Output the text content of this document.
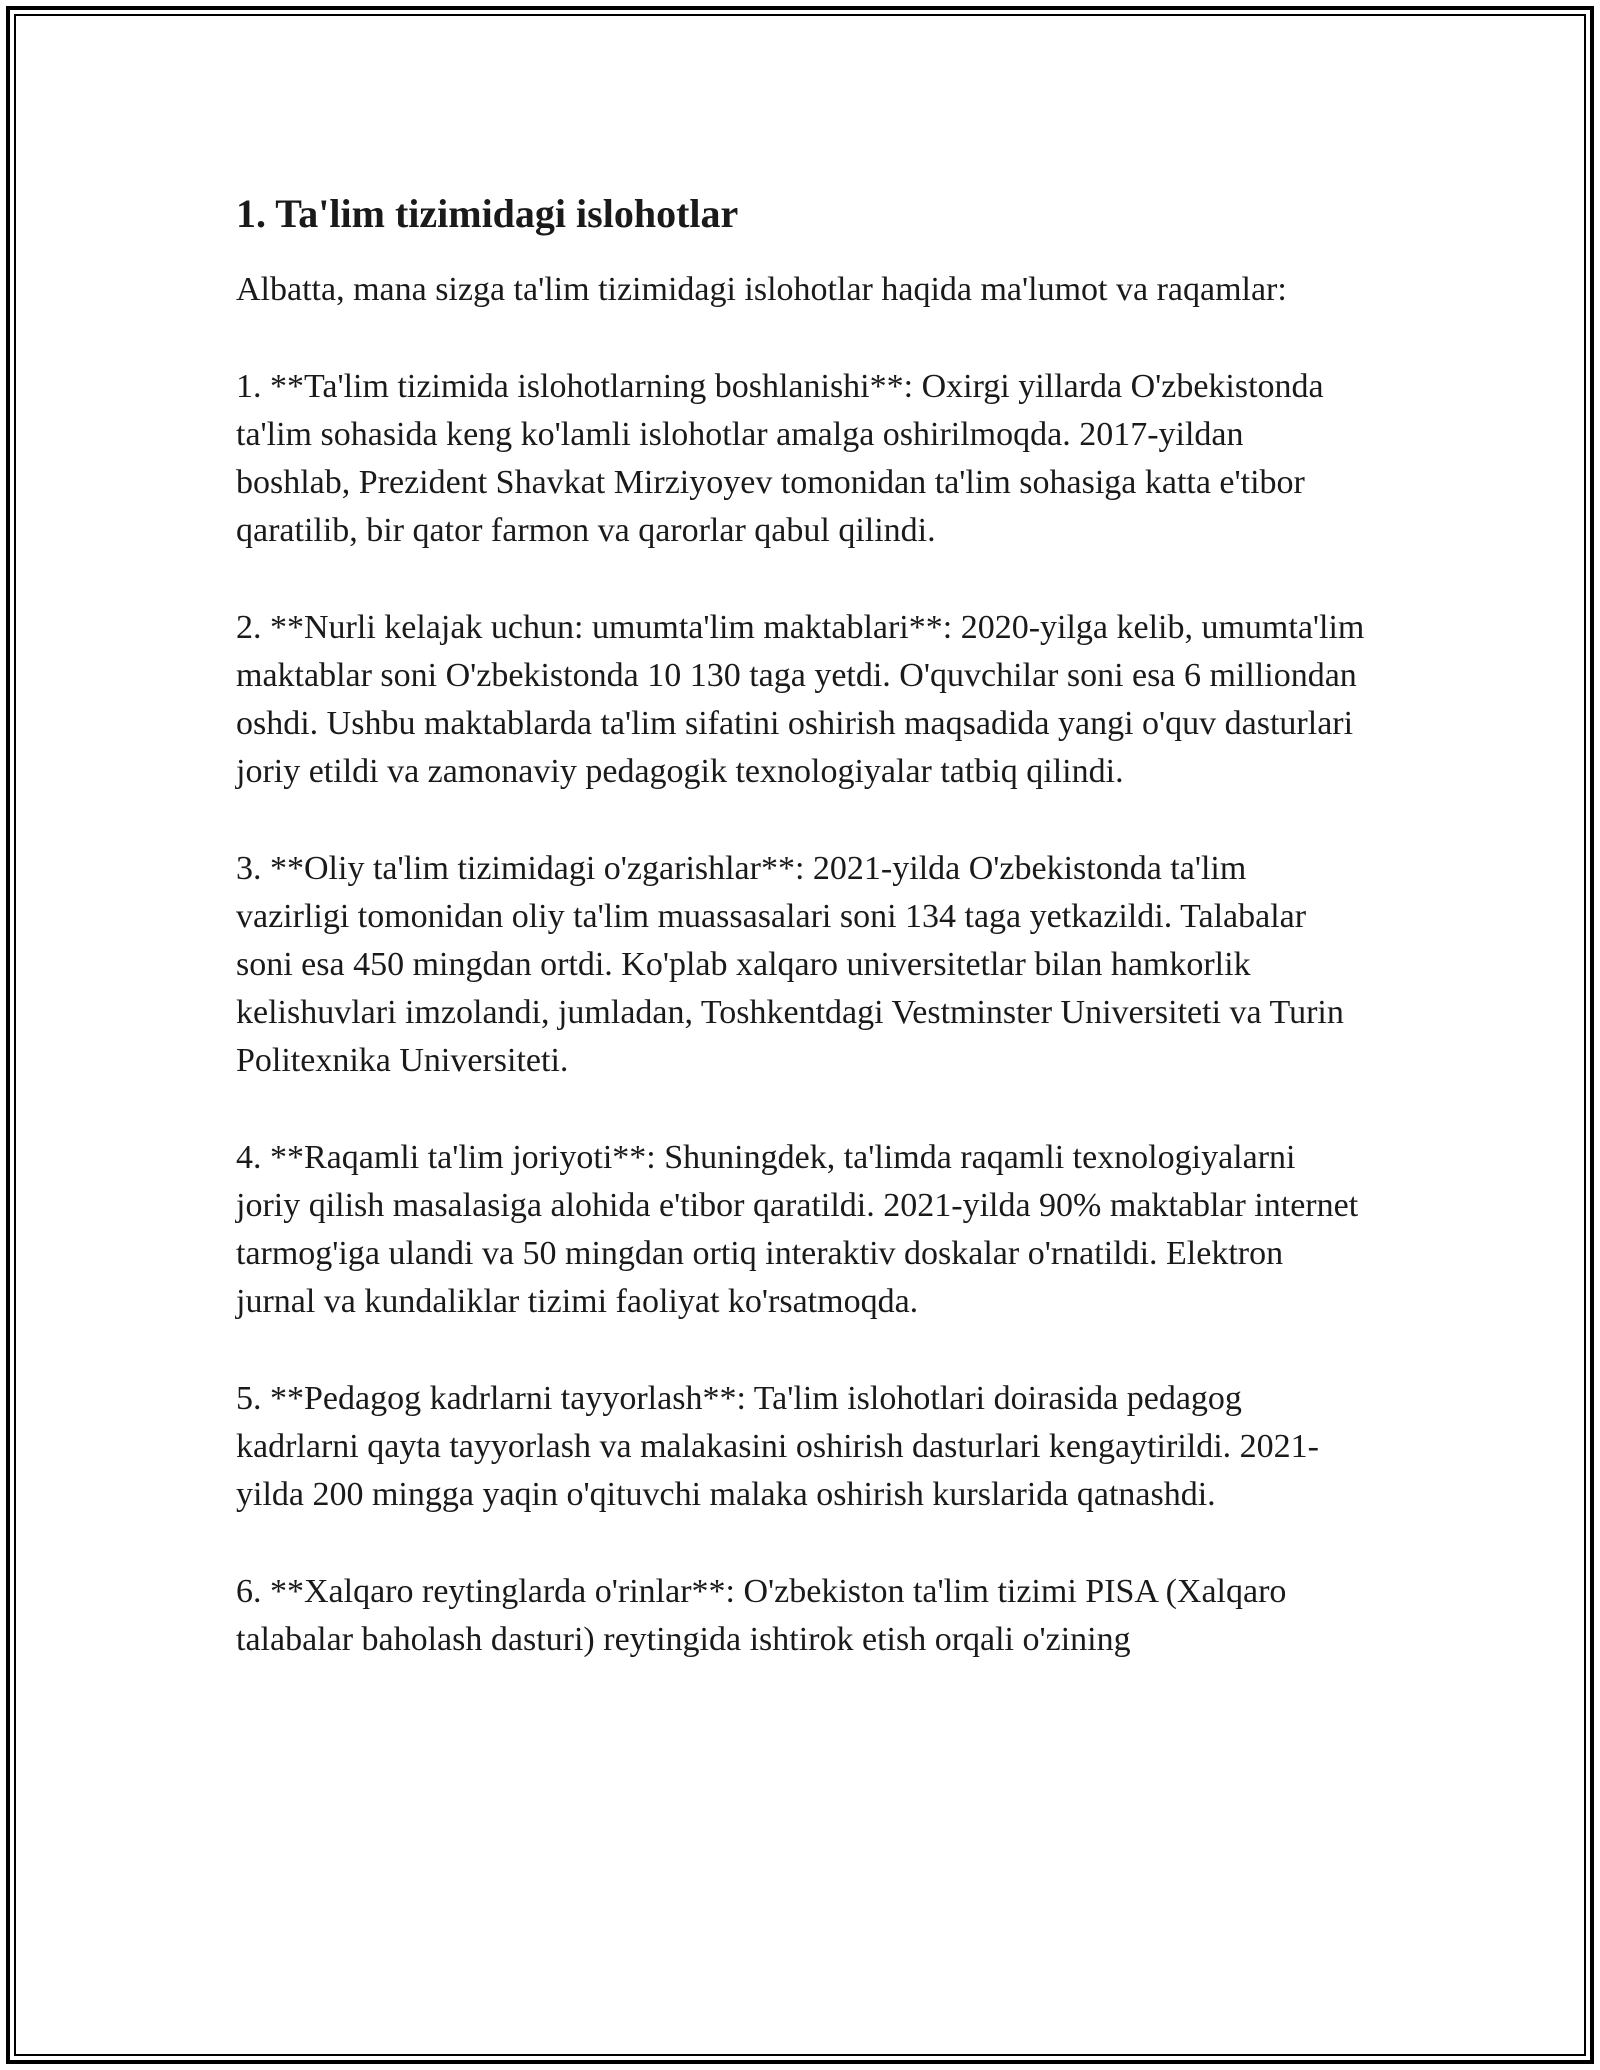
1. Ta'lim tizimidagi islohotlar

Albatta, mana sizga ta'lim tizimidagi islohotlar haqida ma'lumot va raqamlar:

1. **Ta'lim tizimida islohotlarning boshlanishi**: Oxirgi yillarda O'zbekistonda ta'lim sohasida keng ko'lamli islohotlar amalga oshirilmoqda. 2017-yildan boshlab, Prezident Shavkat Mirziyoyev tomonidan ta'lim sohasiga katta e'tibor qaratilib, bir qator farmon va qarorlar qabul qilindi.

2. **Nurli kelajak uchun: umumta'lim maktablari**: 2020-yilga kelib, umumta'lim maktablar soni O'zbekistonda 10 130 taga yetdi. O'quvchilar soni esa 6 milliondan oshdi. Ushbu maktablarda ta'lim sifatini oshirish maqsadida yangi o'quv dasturlari joriy etildi va zamonaviy pedagogik texnologiyalar tatbiq qilindi.

3. **Oliy ta'lim tizimidagi o'zgarishlar**: 2021-yilda O'zbekistonda ta'lim vazirligi tomonidan oliy ta'lim muassasalari soni 134 taga yetkazildi. Talabalar soni esa 450 mingdan ortdi. Ko'plab xalqaro universitetlar bilan hamkorlik kelishuvlari imzolandi, jumladan, Toshkentdagi Vestminster Universiteti va Turin Politexnika Universiteti.

4. **Raqamli ta'lim joriyoti**: Shuningdek, ta'limda raqamli texnologiyalarni joriy qilish masalasiga alohida e'tibor qaratildi. 2021-yilda 90% maktablar internet tarmog'iga ulandi va 50 mingdan ortiq interaktiv doskalar o'rnatildi. Elektron jurnal va kundaliklar tizimi faoliyat ko'rsatmoqda.

5. **Pedagog kadrlarni tayyorlash**: Ta'lim islohotlari doirasida pedagog kadrlarni qayta tayyorlash va malakasini oshirish dasturlari kengaytirildi. 2021-yilda 200 mingga yaqin o'qituvchi malaka oshirish kurslarida qatnashdi.

6. **Xalqaro reytinglarda o'rinlar**: O'zbekiston ta'lim tizimi PISA (Xalqaro talabalar baholash dasturi) reytingida ishtirok etish orqali o'zining
